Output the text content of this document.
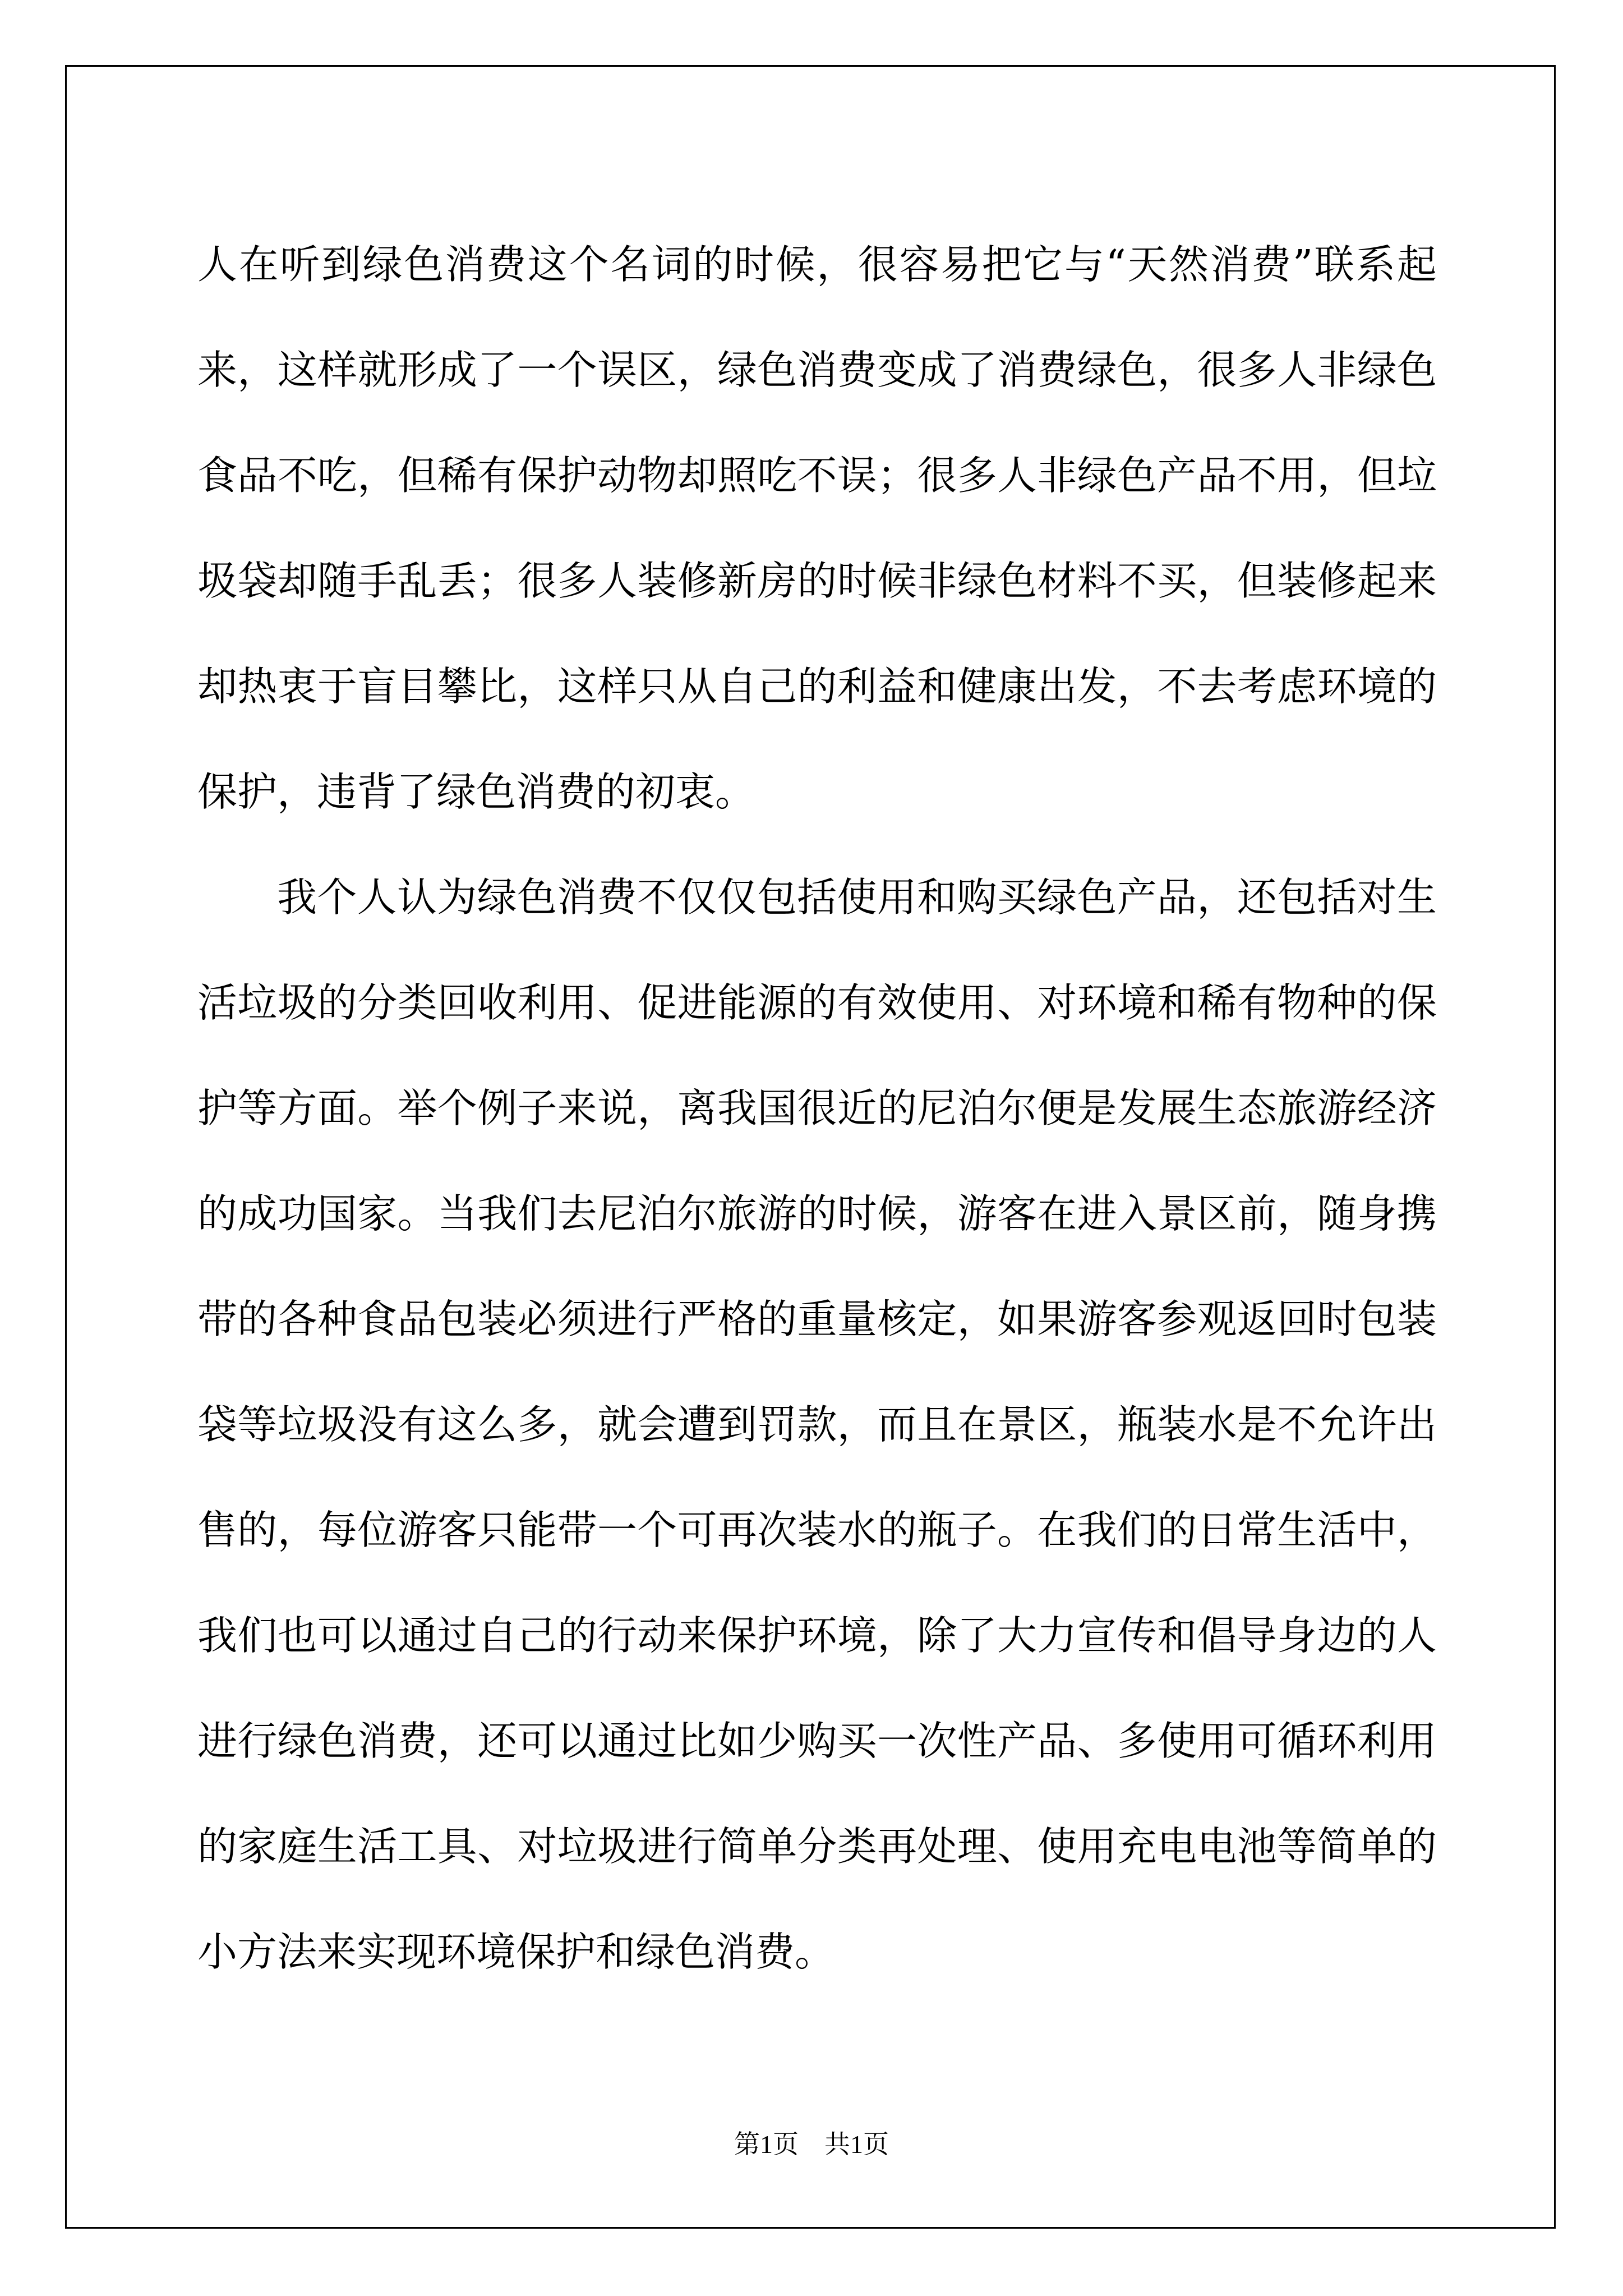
人在听到绿色消费这个名词的时候，很容易把它与“天然消费”联系起来，这样就形成了一个误区，绿色消费变成了消费绿色，很多人非绿色食品不吃，但稀有保护动物却照吃不误；很多人非绿色产品不用，但垃圾袋却随手乱丢；很多人装修新房的时候非绿色材料不买，但装修起来却热衷于盲目攀比，这样只从自己的利益和健康出发，不去考虑环境的保护，违背了绿色消费的初衷。

我个人认为绿色消费不仅仅包括使用和购买绿色产品，还包括对生活垃圾的分类回收利用、促进能源的有效使用、对环境和稀有物种的保护等方面。举个例子来说，离我国很近的尼泊尔便是发展生态旅游经济的成功国家。当我们去尼泊尔旅游的时候，游客在进入景区前，随身携带的各种食品包装必须进行严格的重量核定，如果游客参观返回时包装袋等垃圾没有这么多，就会遭到罚款，而且在景区，瓶装水是不允许出售的，每位游客只能带一个可再次装水的瓶子。在我们的日常生活中，我们也可以通过自己的行动来保护环境，除了大力宣传和倡导身边的人进行绿色消费，还可以通过比如少购买一次性产品、多使用可循环利用的家庭生活工具、对垃圾进行简单分类再处理、使用充电电池等简单的小方法来实现环境保护和绿色消费。

第1页　共1页
